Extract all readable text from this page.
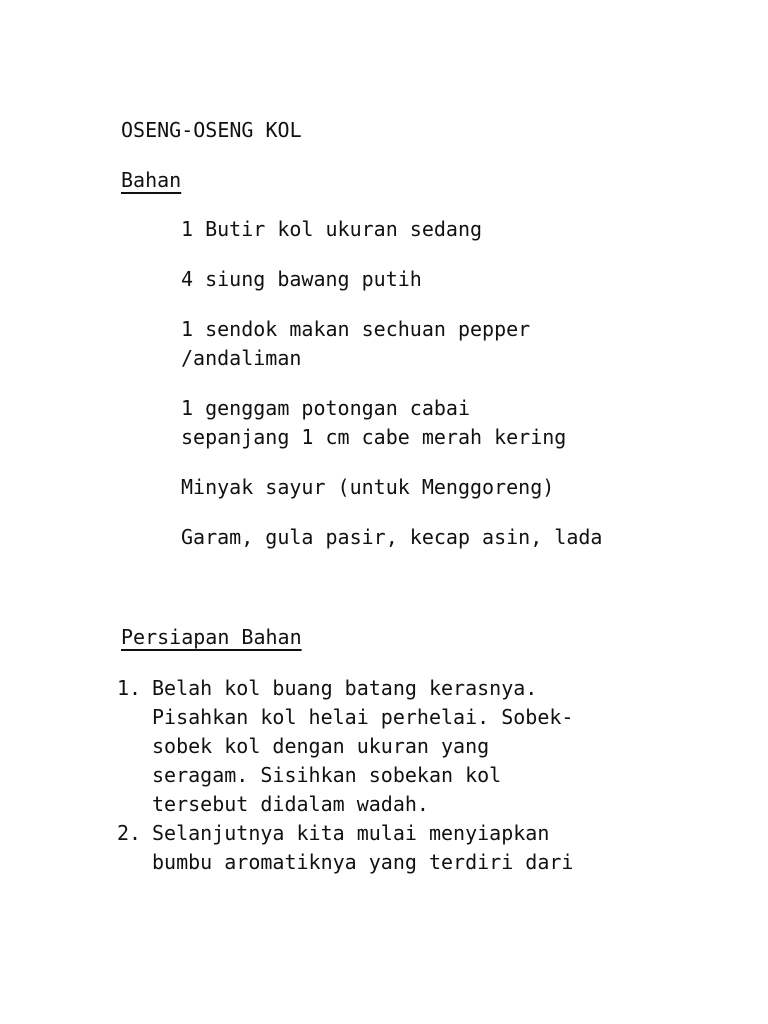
OSENG-OSENG KOL
Bahan
1 Butir kol ukuran sedang
4 siung bawang putih
1 sendok makan sechuan pepper
/andaliman
1 genggam potongan cabai
sepanjang 1 cm cabe merah kering
Minyak sayur (untuk Menggoreng)
Garam, gula pasir, kecap asin, lada
Persiapan Bahan
1. Belah kol buang batang kerasnya.
Pisahkan kol helai perhelai. Sobek-
sobek kol dengan ukuran yang
seragam. Sisihkan sobekan kol
tersebut didalam wadah.
2. Selanjutnya kita mulai menyiapkan
bumbu aromatiknya yang terdiri dari
